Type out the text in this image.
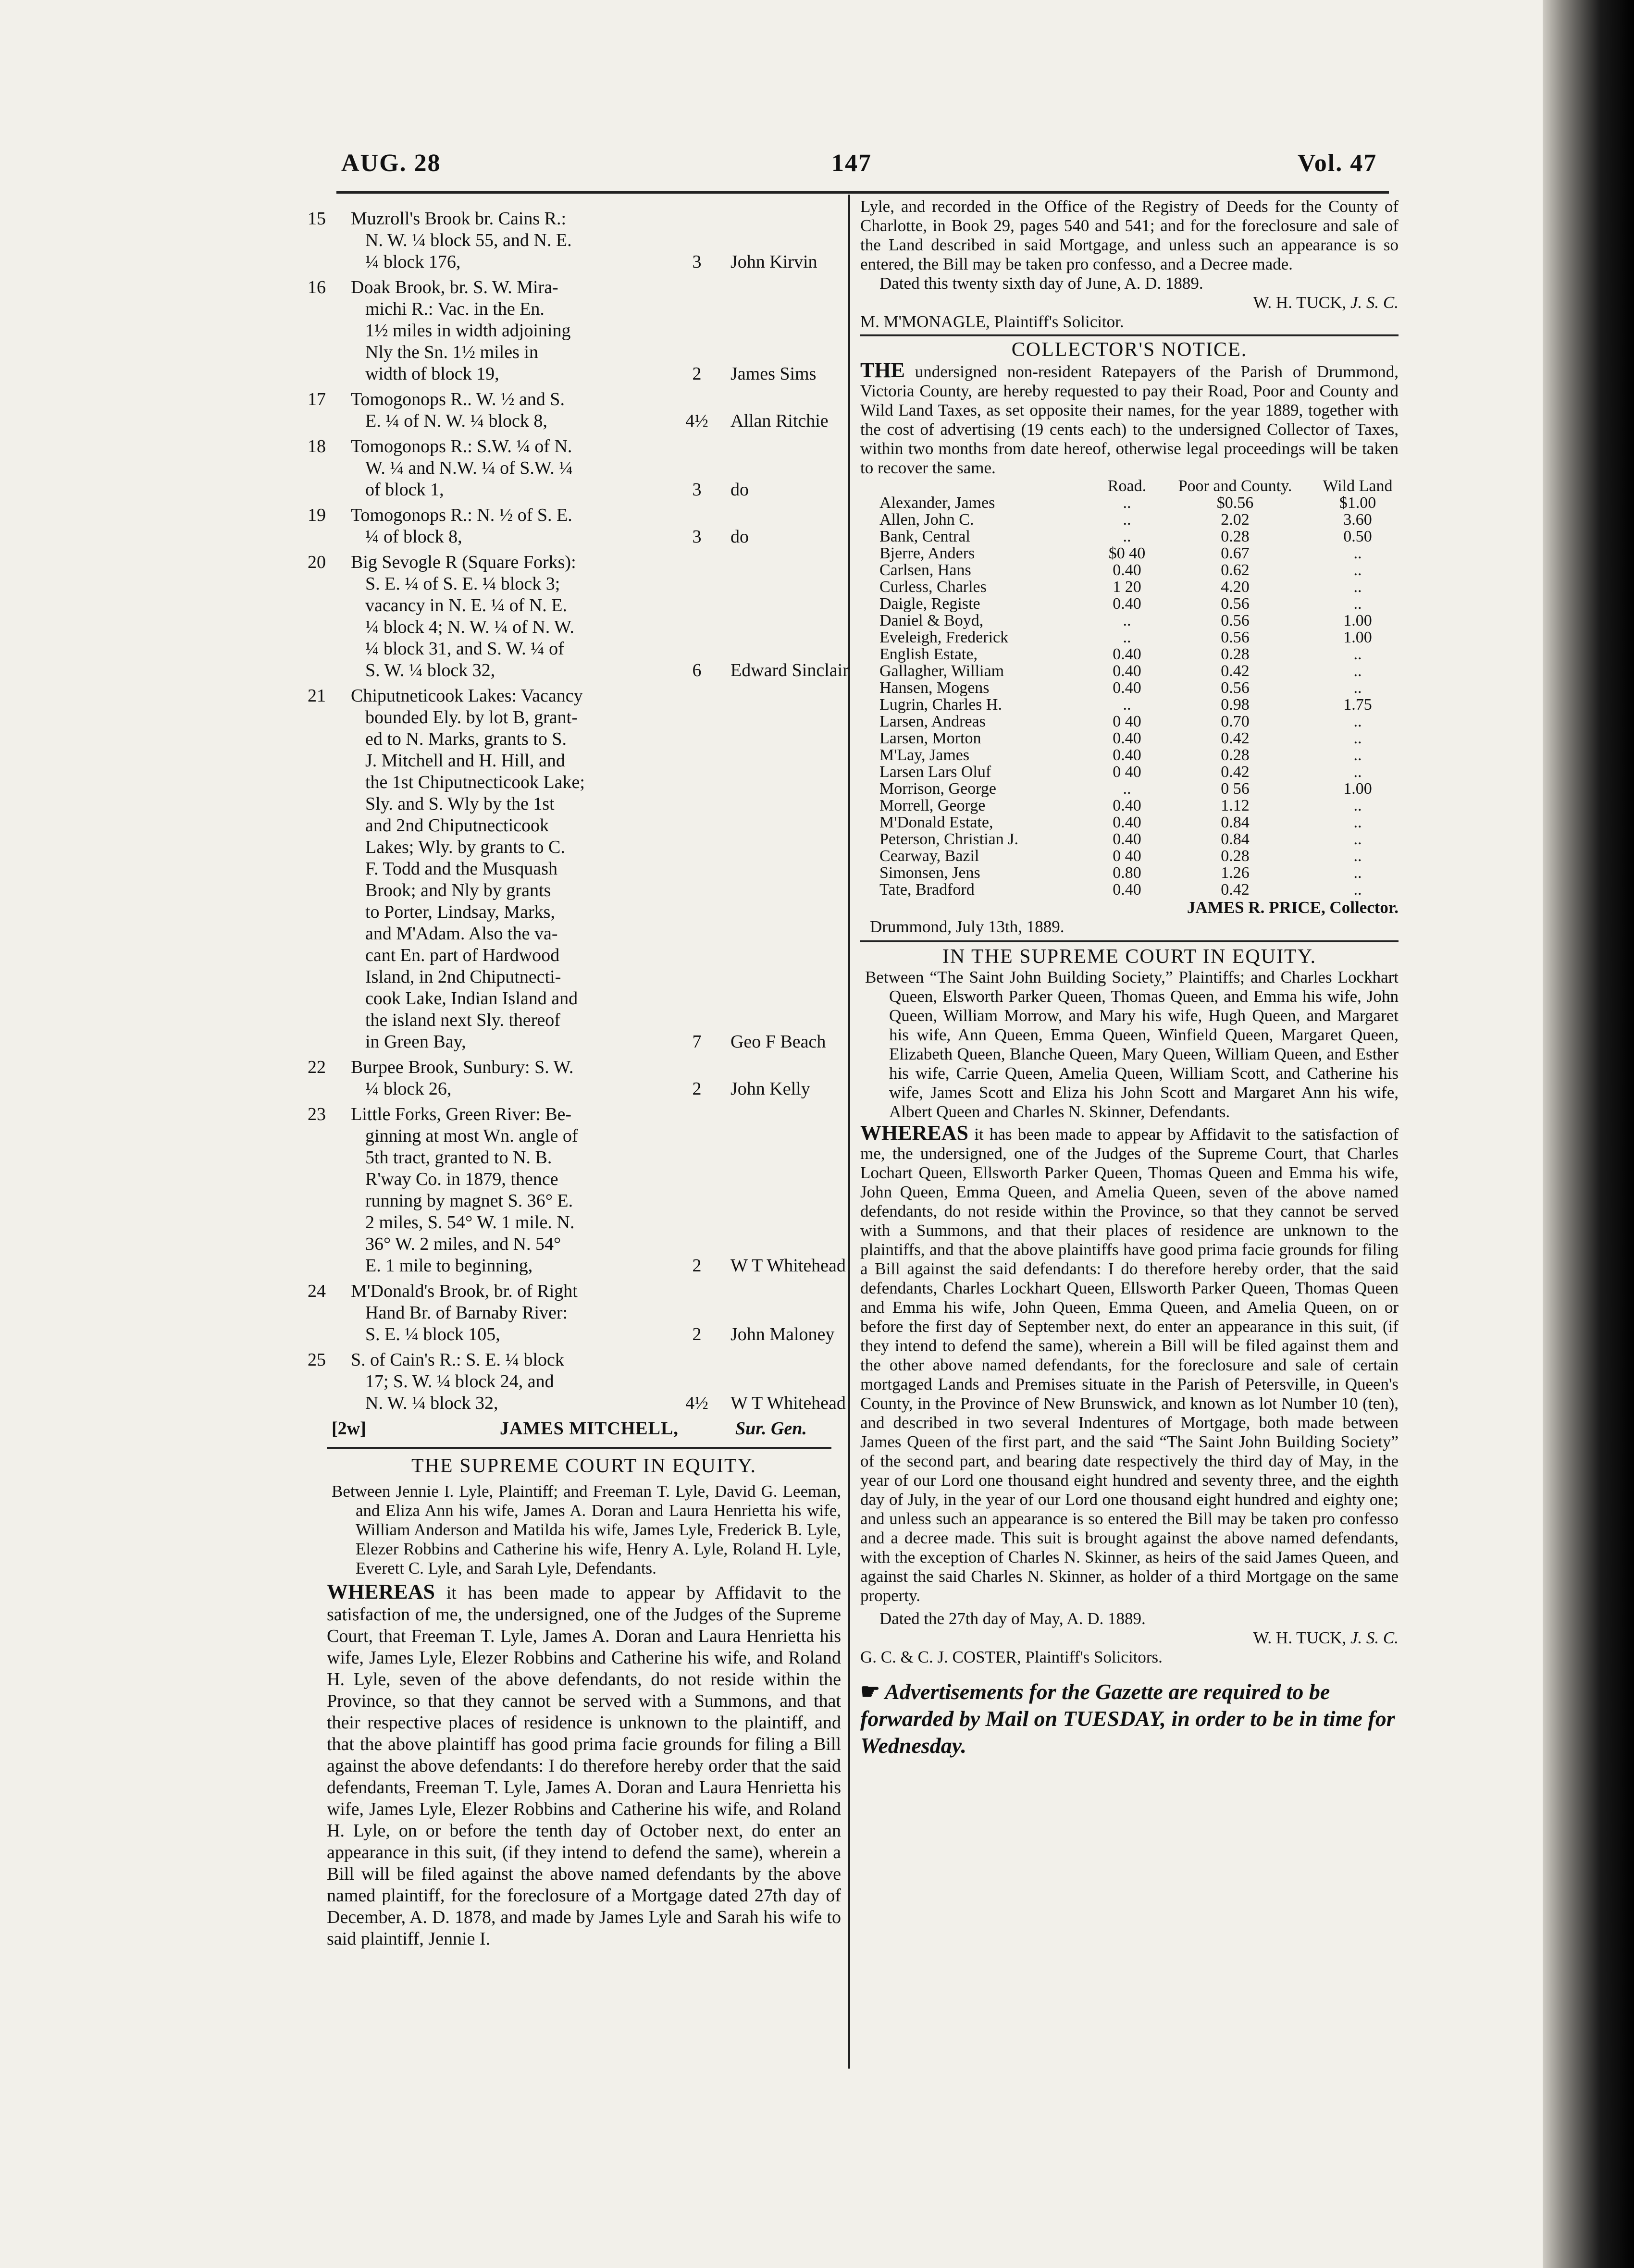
AUG. 28	147	Vol. 47
15	Muzroll's Brook br. Cains R.:
N. W. ¼ block 55, and N. E.
¼ block 176,	3	John Kirvin
16	Doak Brook, br. S. W. Mira-
michi R.: Vac. in the En.
1½ miles in width adjoining
Nly the Sn. 1½ miles in
width of block 19,	2	James Sims
17	Tomogonops R.. W. ½ and S.
E. ¼ of N. W. ¼ block 8,	4½ Allan Ritchie
18	Tomogonops R.: S.W. ¼ of N.
W. ¼ and N.W. ¼ of S.W. ¼
of block 1,	3	do
19	Tomogonops R.: N. ½ of S. E.
¼ of block 8,	3	do
20	Big Sevogle R (Square Forks):
S. E. ¼ of S. E. ¼ block 3;
vacancy in N. E. ¼ of N. E.
¼ block 4; N. W. ¼ of N. W.
¼ block 31, and S. W. ¼ of
S. W. ¼ block 32,	6	Edward Sinclair
21	Chiputneticook Lakes: Vacancy
bounded Ely. by lot B, grant-
ed to N. Marks, grants to S.
J. Mitchell and H. Hill, and
the 1st Chiputnecticook Lake;
Sly. and S. Wly by the 1st
and 2nd Chiputnecticook
Lakes; Wly. by grants to C.
F. Todd and the Musquash
Brook; and Nly by grants
to Porter, Lindsay, Marks,
and M'Adam. Also the va-
cant En. part of Hardwood
Island, in 2nd Chiputnecti-
cook Lake, Indian Island and
the island next Sly. thereof
in Green Bay,	7	Geo F Beach
22	Burpee Brook, Sunbury: S. W.
¼ block 26,	2	John Kelly
23	Little Forks, Green River: Be-
ginning at most Wn. angle of
5th tract, granted to N. B.
R'way Co. in 1879, thence
running by magnet S. 36° E.
2 miles, S. 54° W. 1 mile. N.
36° W. 2 miles, and N. 54°
E. 1 mile to beginning,	2	W T Whitehead
24	M'Donald's Brook, br. of Right
Hand Br. of Barnaby River:
S. E. ¼ block 105,	2	John Maloney
25	S. of Cain's R.: S. E. ¼ block
17; S. W. ¼ block 24, and
N. W. ¼ block 32,	4½ W T Whitehead
[2w]	JAMES MITCHELL,	Sur. Gen.
THE SUPREME COURT IN EQUITY.
Between Jennie I. Lyle, Plaintiff; and Freeman T. Lyle, David G. Leeman, and Eliza Ann his wife, James A. Doran and Laura Henrietta his wife, William Anderson and Matilda his wife, James Lyle, Frederick B. Lyle, Elezer Robbins and Catherine his wife, Henry A. Lyle, Roland H. Lyle, Everett C. Lyle, and Sarah Lyle, Defendants.
WHEREAS it has been made to appear by Affidavit to the satisfaction of me, the undersigned, one of the Judges of the Supreme Court, that Freeman T. Lyle, James A. Doran and Laura Henrietta his wife, James Lyle, Elezer Robbins and Catherine his wife, and Roland H. Lyle, seven of the above defendants, do not reside within the Province, so that they cannot be served with a Summons, and that their respective places of residence is unknown to the plaintiff, and that the above plaintiff has good prima facie grounds for filing a Bill against the above defendants: I do therefore hereby order that the said defendants, Freeman T. Lyle, James A. Doran and Laura Henrietta his wife, James Lyle, Elezer Robbins and Catherine his wife, and Roland H. Lyle, on or before the tenth day of October next, do enter an appearance in this suit, (if they intend to defend the same), wherein a Bill will be filed against the above named defendants by the above named plaintiff, for the foreclosure of a Mortgage dated 27th day of December, A. D. 1878, and made by James Lyle and Sarah his wife to said plaintiff, Jennie I.
Lyle, and recorded in the Office of the Registry of Deeds for the County of Charlotte, in Book 29, pages 540 and 541; and for the foreclosure and sale of the Land described in said Mortgage, and unless such an appearance is so entered, the Bill may be taken pro confesso, and a Decree made.
Dated this twenty sixth day of June, A. D. 1889.
W. H. TUCK, J. S. C.
M. M'MONAGLE, Plaintiff's Solicitor.
COLLECTOR'S NOTICE.
THE undersigned non-resident Ratepayers of the Parish of Drummond, Victoria County, are hereby requested to pay their Road, Poor and County and Wild Land Taxes, as set opposite their names, for the year 1889, together with the cost of advertising (19 cents each) to the undersigned Collector of Taxes, within two months from date hereof, otherwise legal proceedings will be taken to recover the same.
	Road.	Poor and County.	Wild Land
Alexander, James	..	$0.56	$1.00
Allen, John C.	..	2.02	3.60
Bank, Central	..	0.28	0.50
Bjerre, Anders	$0 40	0.67	..
Carlsen, Hans	0.40	0.62	..
Curless, Charles	1 20	4.20	..
Daigle, Registe	0.40	0.56	..
Daniel & Boyd,	..	0.56	1.00
Eveleigh, Frederick	..	0.56	1.00
English Estate,	0.40	0.28	..
Gallagher, William	0.40	0.42	..
Hansen, Mogens	0.40	0.56	..
Lugrin, Charles H.	..	0.98	1.75
Larsen, Andreas	0 40	0.70	..
Larsen, Morton	0.40	0.42	..
M'Lay, James	0.40	0.28	..
Larsen Lars Oluf	0 40	0.42	..
Morrison, George	..	0 56	1.00
Morrell, George	0.40	1.12	..
M'Donald Estate,	0.40	0.84	..
Peterson, Christian J.	0.40	0.84	..
Cearway, Bazil	0 40	0.28	..
Simonsen, Jens	0.80	1.26	..
Tate, Bradford	0.40	0.42	..
JAMES R. PRICE, Collector.
Drummond, July 13th, 1889.
IN THE SUPREME COURT IN EQUITY.
Between “The Saint John Building Society,” Plaintiffs; and Charles Lockhart Queen, Elsworth Parker Queen, Thomas Queen, and Emma his wife, John Queen, William Morrow, and Mary his wife, Hugh Queen, and Margaret his wife, Ann Queen, Emma Queen, Winfield Queen, Margaret Queen, Elizabeth Queen, Blanche Queen, Mary Queen, William Queen, and Esther his wife, Carrie Queen, Amelia Queen, William Scott, and Catherine his wife, James Scott and Eliza his John Scott and Margaret Ann his wife, Albert Queen and Charles N. Skinner, Defendants.
WHEREAS it has been made to appear by Affidavit to the satisfaction of me, the undersigned, one of the Judges of the Supreme Court, that Charles Lochart Queen, Ellsworth Parker Queen, Thomas Queen and Emma his wife, John Queen, Emma Queen, and Amelia Queen, seven of the above named defendants, do not reside within the Province, so that they cannot be served with a Summons, and that their places of residence are unknown to the plaintiffs, and that the above plaintiffs have good prima facie grounds for filing a Bill against the said defendants: I do therefore hereby order, that the said defendants, Charles Lockhart Queen, Ellsworth Parker Queen, Thomas Queen and Emma his wife, John Queen, Emma Queen, and Amelia Queen, on or before the first day of September next, do enter an appearance in this suit, (if they intend to defend the same), wherein a Bill will be filed against them and the other above named defendants, for the foreclosure and sale of certain mortgaged Lands and Premises situate in the Parish of Petersville, in Queen's County, in the Province of New Brunswick, and known as lot Number 10 (ten), and described in two several Indentures of Mortgage, both made between James Queen of the first part, and the said “The Saint John Building Society” of the second part, and bearing date respectively the third day of May, in the year of our Lord one thousand eight hundred and seventy three, and the eighth day of July, in the year of our Lord one thousand eight hundred and eighty one; and unless such an appearance is so entered the Bill may be taken pro confesso and a decree made. This suit is brought against the above named defendants, with the exception of Charles N. Skinner, as heirs of the said James Queen, and against the said Charles N. Skinner, as holder of a third Mortgage on the same property.
Dated the 27th day of May, A. D. 1889.
W. H. TUCK, J. S. C.
G. C. & C. J. COSTER, Plaintiff's Solicitors.
☛ Advertisements for the Gazette are required to be forwarded by Mail on TUESDAY, in order to be in time for Wednesday.
